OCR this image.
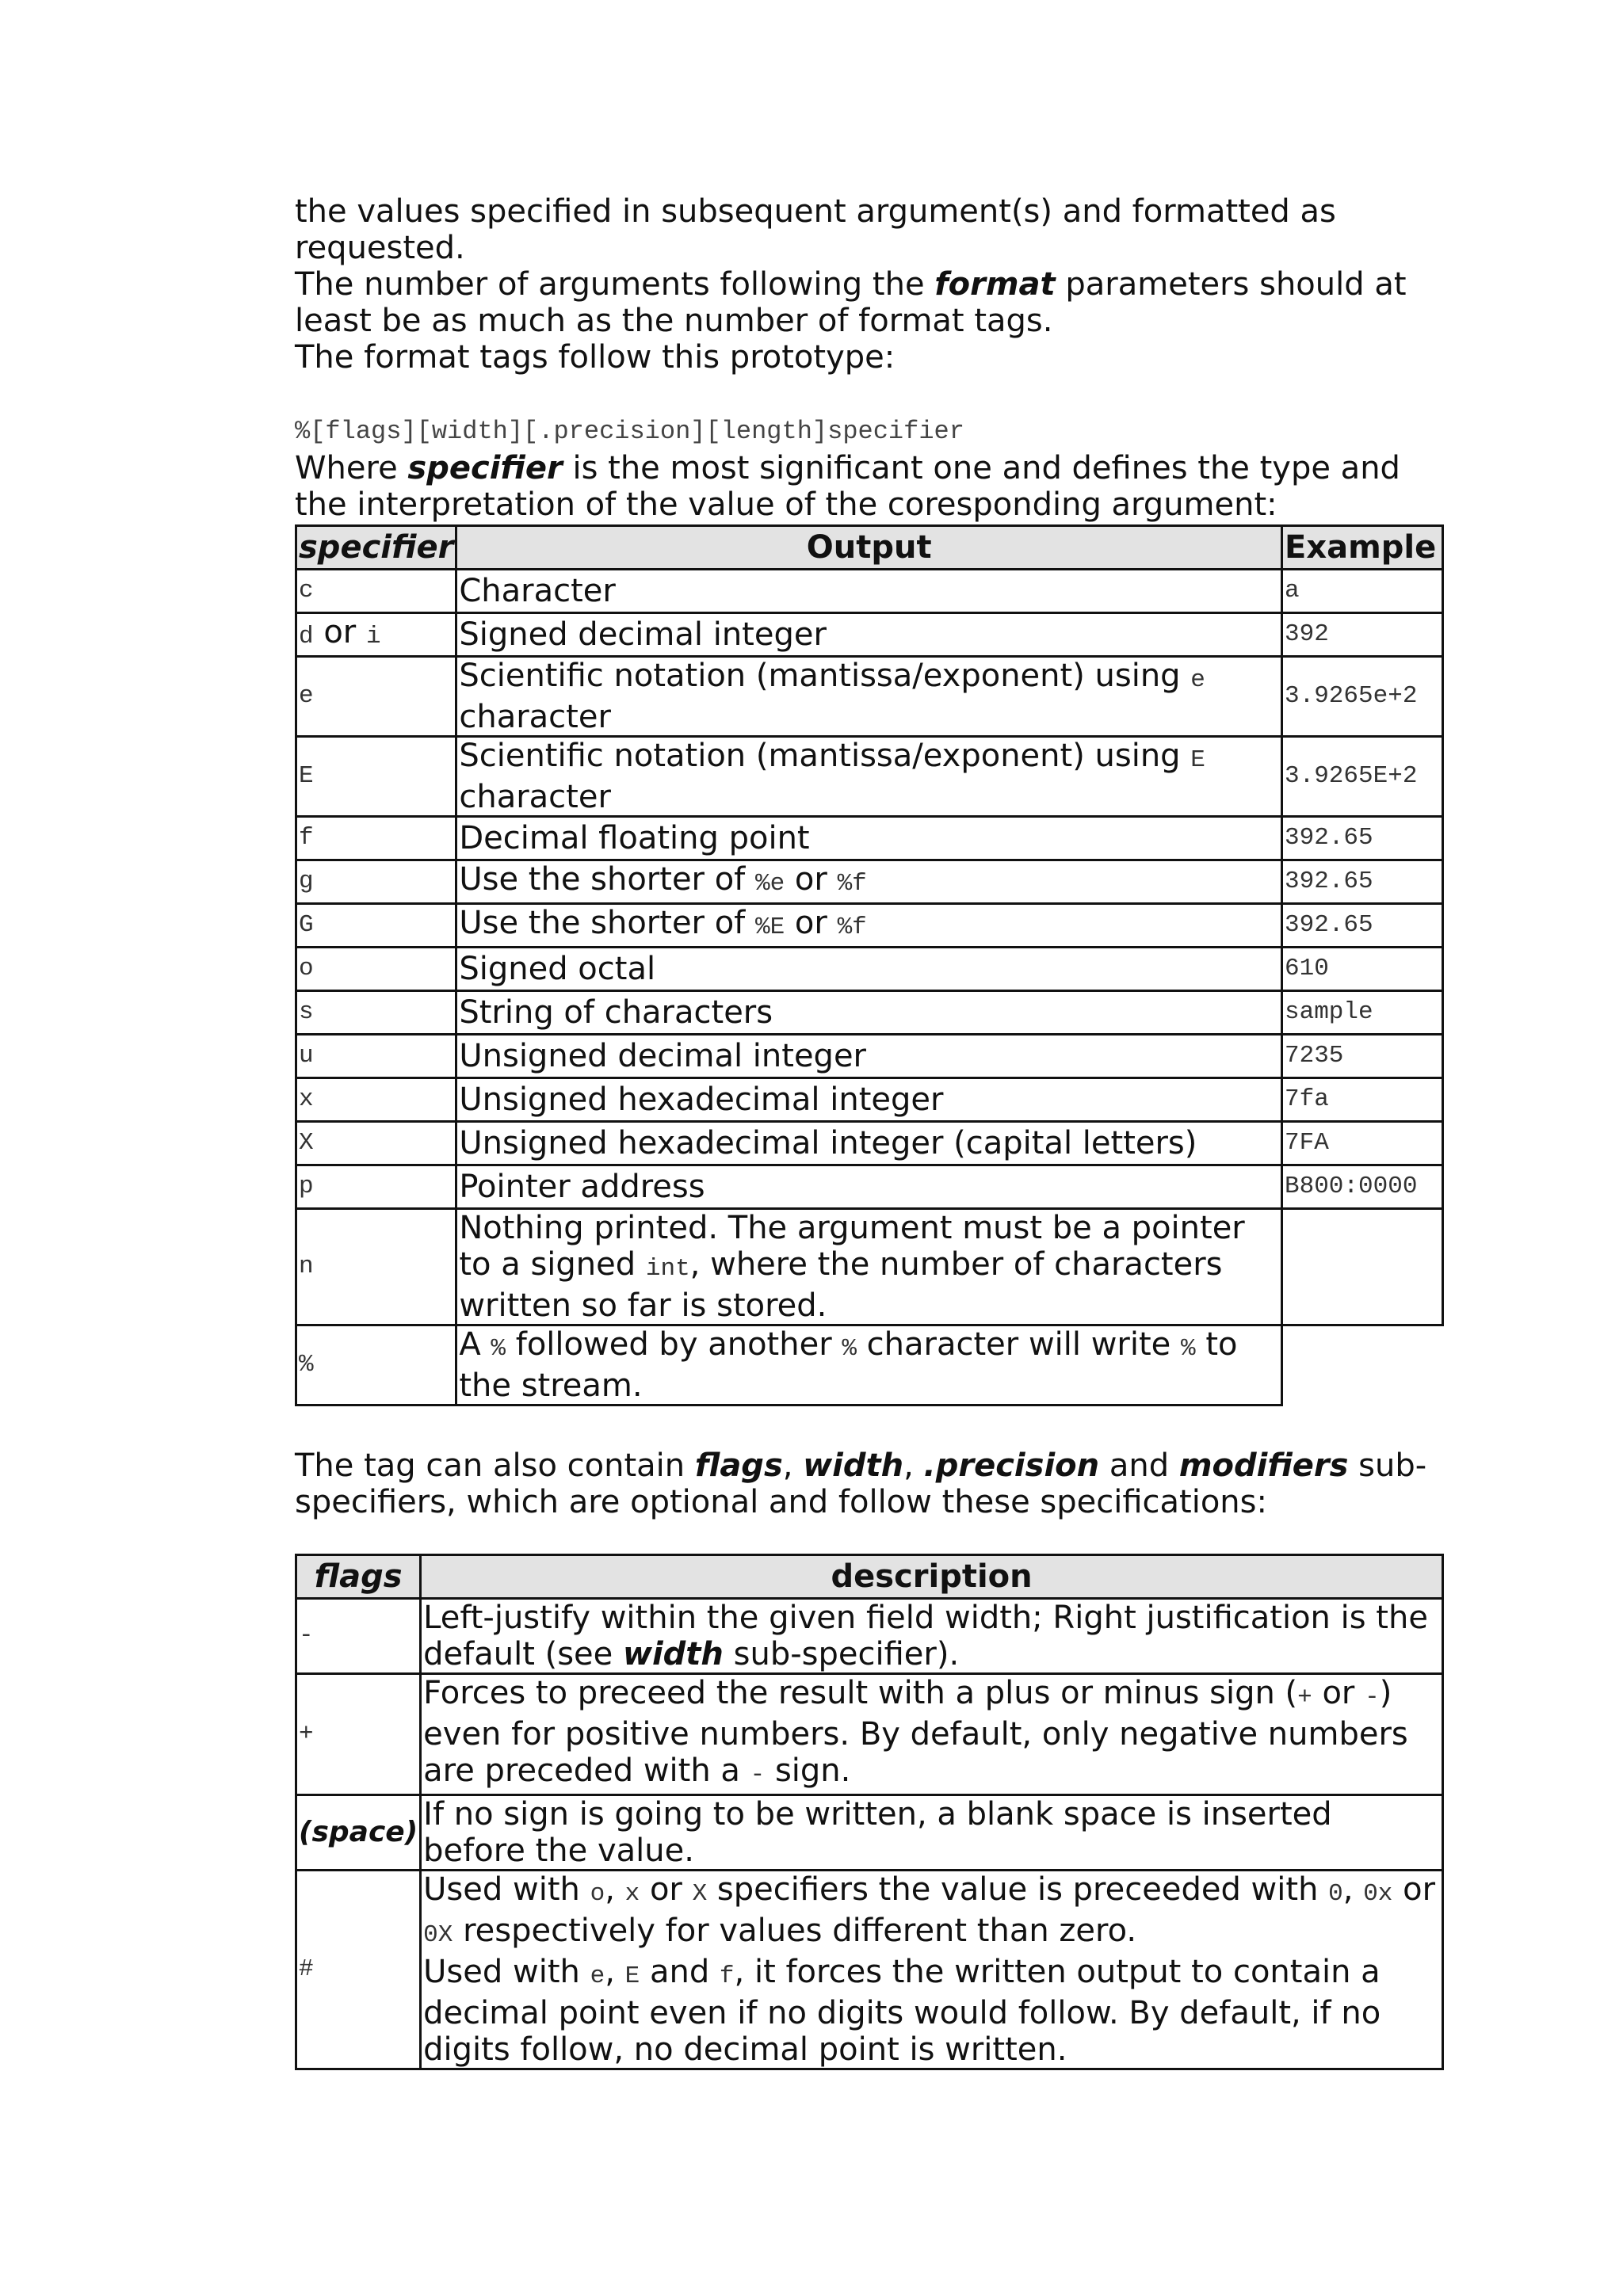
the values specified in subsequent argument(s) and formatted as requested.

The number of arguments following the format parameters should at least be as much as the number of format tags.

The format tags follow this prototype:

%[flags][width][.precision][length]specifier

Where specifier is the most significant one and defines the type and the interpretation of the value of the coresponding argument:

specifier	Output	Example
c	Character	a
d or i	Signed decimal integer	392
e	Scientific notation (mantissa/exponent) using e character	3.9265e+2
E	Scientific notation (mantissa/exponent) using E character	3.9265E+2
f	Decimal floating point	392.65
g	Use the shorter of %e or %f	392.65
G	Use the shorter of %E or %f	392.65
o	Signed octal	610
s	String of characters	sample
u	Unsigned decimal integer	7235
x	Unsigned hexadecimal integer	7fa
X	Unsigned hexadecimal integer (capital letters)	7FA
p	Pointer address	B800:0000
n	Nothing printed. The argument must be a pointer to a signed int, where the number of characters written so far is stored.	
%	A % followed by another % character will write % to the stream.	

The tag can also contain flags, width, .precision and modifiers sub-specifiers, which are optional and follow these specifications:

flags	description
-	Left-justify within the given field width; Right justification is the default (see width sub-specifier).
+	Forces to preceed the result with a plus or minus sign (+ or -) even for positive numbers. By default, only negative numbers are preceded with a - sign.
(space)	If no sign is going to be written, a blank space is inserted before the value.
#	Used with o, x or X specifiers the value is preceeded with 0, 0x or 0X respectively for values different than zero.
Used with e, E and f, it forces the written output to contain a decimal point even if no digits would follow. By default, if no digits follow, no decimal point is written.
